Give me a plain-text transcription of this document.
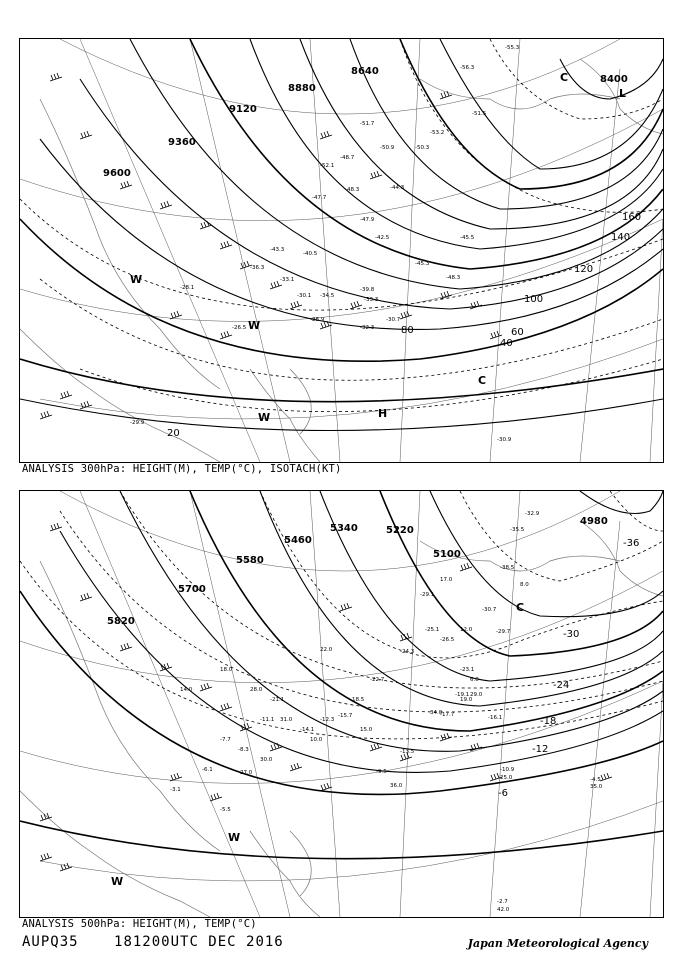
-51.5
-55.3
-51.7
-52.1
-48.3
-47.9
-45.3
-48.3
-43.3
-40.5
-34.5
-33.3
-30.1
-28.9
-26.5
-29.9
-30.9
-39.8
-28.1
-33.1
-48.7
-50.9
-53.2
-56.3
-44.3
-36.3
-32.3
-50.3
-47.7
-45.5
-42.5
-30.7
8400
8640
8880
9120
9360
9600
20
40
60
80
100
120
140
160
L
H
W
W
W
C
C
ANALYSIS 300hPa: HEIGHT(M), TEMP(°C), ISOTACH(KT)
-38.5
-35.5
-32.9
-30.7
-29.7
-26.5
-25.1
-24.3
-23.1
-21.1
-19.1
-17.7	-16.1
-15.7
-13.5
-12.3
-10.9
-9.5
-8.3
-6.1
-5.5
-4.5
-3.1
-2.7
-29.1
-22.7
-18.5
-14.1
-11.1
-7.7
42.0
35.0
25.0
36.0
30.0
27.0
17.0
8.0
6.0
12.0
19.0
29.0
34.0
22.0
15.0
10.0
31.0
28.0
18.0
14.0
4980
5100
5220
5340
5460
5580
5700
5820
-36
-30
-24
-18
-12
-6
W
W
C
ANALYSIS 500hPa: HEIGHT(M), TEMP(°C)
AUPQ35	181200UTC DEC 2016	Japan Meteorological Agency
